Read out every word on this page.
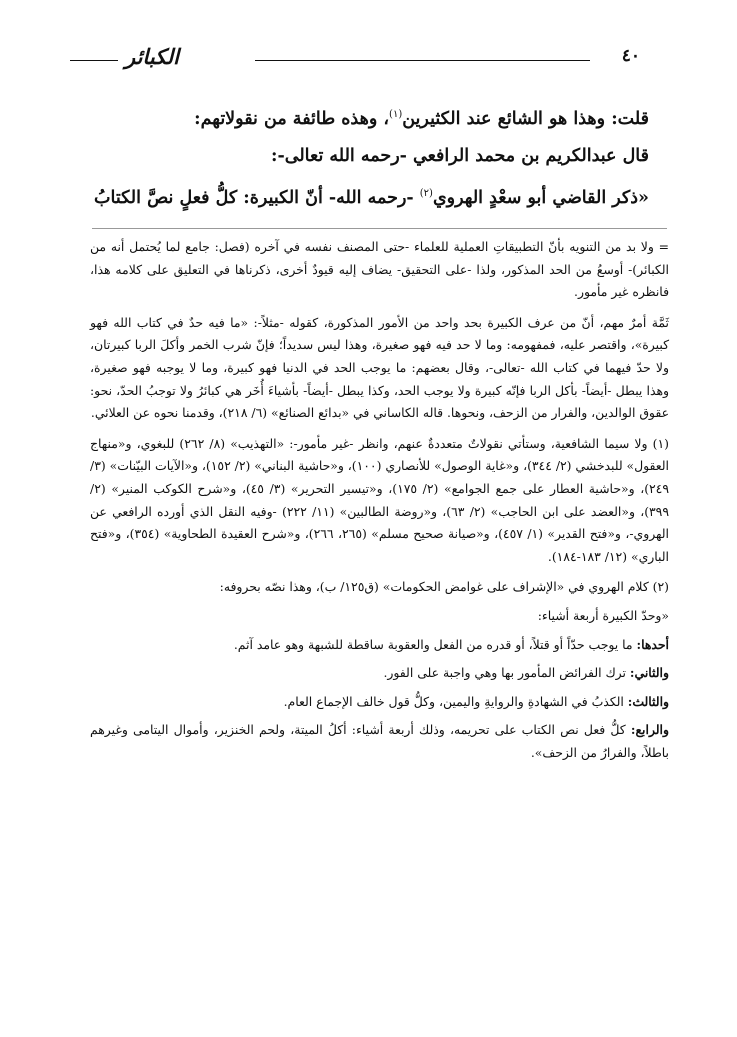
٤٠
الكبائر

قلت: وهذا هو الشائع عند الكثيرين$^{(١)}$، وهذه طائفة من نقولاتهم:

قال عبدالكريم بن محمد الرافعي -رحمه الله تعالى-:

«ذكر القاضي أبو سعْدٍ الهروي$^{(٢)}$ -رحمه الله- أنّ الكبيرة: كلُّ فعلٍ نصَّ الكتابُ

= ولا بد من التنويه بأنّ التطبيقاتِ العملية للعلماء -حتى المصنف نفسه في آخره (فصل: جامع لما يُحتمل أنه من الكبائر)- أوسعُ من الحد المذكور، ولذا -على التحقيق- يضاف إليه قيودٌ أخرى، ذكرناها في التعليق على كلامه هذا، فانظره غير مأمور.

ثَمَّة أمرٌ مهم، أنّ من عرف الكبيرة بحد واحد من الأمور المذكورة، كقوله -مثلاً-: «ما فيه حدٌ في كتاب الله فهو كبيرة»، واقتصر عليه، فمفهومه: وما لا حد فيه فهو صغيرة، وهذا ليس سديداً؛ فإنّ شرب الخمر وأكلَ الربا كبيرتان، ولا حدّ فيهما في كتاب الله -تعالى-، وقال بعضهم: ما يوجب الحد في الدنيا فهو كبيرة، وما لا يوجبه فهو صغيرة، وهذا يبطل -أيضاً- بأكل الربا فإنّه كبيرة ولا يوجب الحد، وكذا يبطل -أيضاً- بأشياءَ أُخَر هي كبائرُ ولا توجبُ الحدّ، نحو: عقوق الوالدين، والفرار من الزحف، ونحوها. قاله الكاساني في «بدائع الصنائع» (٦/ ٢١٨)، وقدمنا نحوه عن العلائي.

(١) ولا سيما الشافعية، وستأتي نقولاتٌ متعددةٌ عنهم، وانظر -غير مأمور-: «التهذيب» (٨/ ٢٦٢) للبغوي، و«منهاج العقول» للبدخشي (٢/ ٣٤٤)، و«غاية الوصول» للأنصاري (١٠٠)، و«حاشية البناني» (٢/ ١٥٢)، و«الآيات البيّنات» (٣/ ٢٤٩)، و«حاشية العطار على جمع الجوامع» (٢/ ١٧٥)، و«تيسير التحرير» (٣/ ٤٥)، و«شرح الكوكب المنير» (٢/ ٣٩٩)، و«العضد على ابن الحاجب» (٢/ ٦٣)، و«روضة الطالبين» (١١/ ٢٢٢) -وفيه النقل الذي أورده الرافعي عن الهروي-، و«فتح القدير» (١/ ٤٥٧)، و«صيانة صحيح مسلم» (٢٦٥، ٢٦٦)، و«شرح العقيدة الطحاوية» (٣٥٤)، و«فتح الباري» (١٢/ ١٨٣-١٨٤).

(٢) كلام الهروي في «الإشراف على غوامض الحكومات» (ق١٢٥/ ب)، وهذا نصّه بحروفه:

«وحدّ الكبيرة أربعة أشياء:

أحدها: ما يوجب حدّاً أو قتلاً، أو قدره من الفعل والعقوبة ساقطة للشبهة وهو عامد آثم.

والثاني: ترك الفرائض المأمور بها وهي واجبة على الفور.

والثالث: الكذبُ في الشهادةِ والروايةِ واليمين، وكلُّ قول خالف الإجماع العام.

والرابع: كلُّ فعل نص الكتاب على تحريمه، وذلك أربعة أشياء: أكلُ الميتة، ولحم الخنزير، وأموال اليتامى وغيرهم باطلاً، والفرارُ من الزحف».
